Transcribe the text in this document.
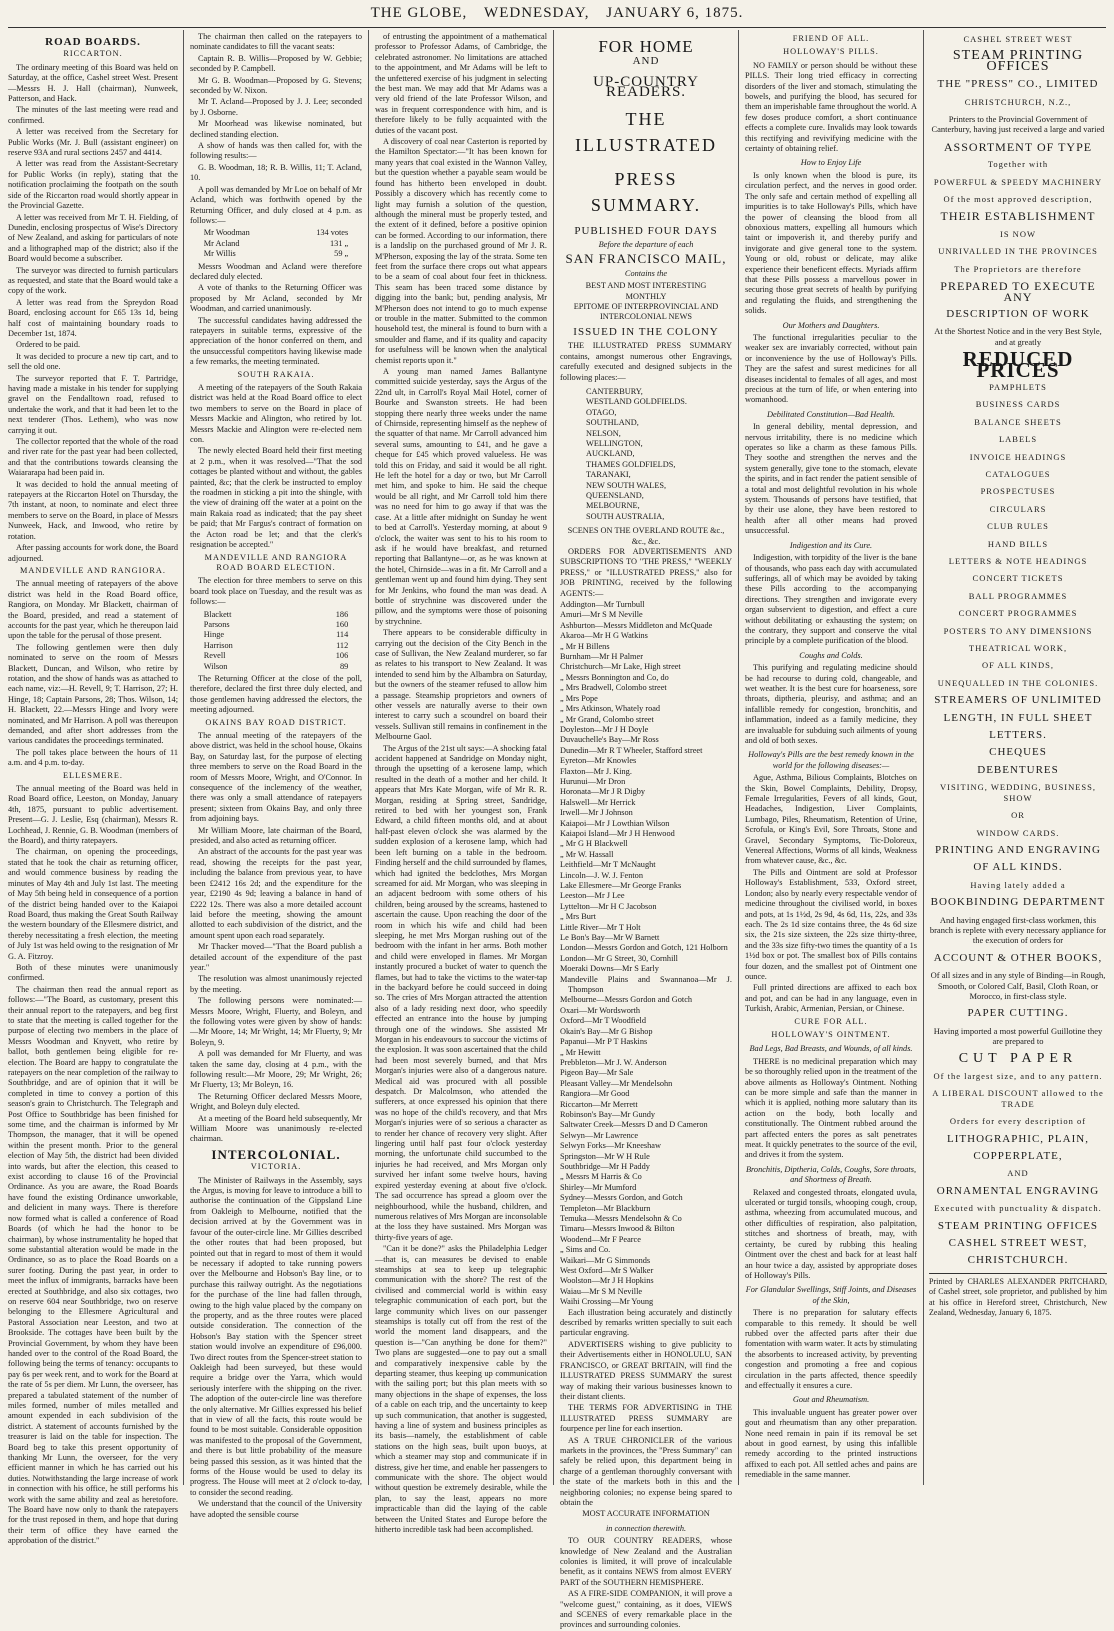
THE GLOBE, WEDNESDAY, JANUARY 6, 1875.
ROAD BOARDS.
RICCARTON.

The ordinary meeting of this Board was held on Saturday, at the office, Cashel street West. Present—Messrs H. J. Hall (chairman), Nunweek, Patterson, and Hack.

The minutes of the last meeting were read and confirmed.

A letter was received from the Secretary for Public Works (Mr. J. Bull (assistant engineer) on reserve 93A and rural sections 2457 and 4414.

A letter was read from the Assistant-Secretary for Public Works (in reply), stating that the notification proclaiming the footpath on the south side of the Riccarton road would shortly appear in the Provincial Gazette.

A letter was received from Mr T. H. Fielding, of Dunedin, enclosing prospectus of Wise's Directory of New Zealand, and asking for particulars of note and a lithographed map of the district; also if the Board would become a subscriber.

The surveyor was directed to furnish particulars as requested, and state that the Board would take a copy of the work.

A letter was read from the Spreydon Road Board, enclosing account for £65 13s 1d, being half cost of maintaining boundary roads to December 1st, 1874.

Ordered to be paid.

It was decided to procure a new tip cart, and to sell the old one.

The surveyor reported that F. T. Partridge, having made a mistake in his tender for supplying gravel on the Fendalltown road, refused to undertake the work, and that it had been let to the next tenderer (Thos. Lethem), who was now carrying it out.

The collector reported that the whole of the road and river rate for the past year had been collected, and that the contributions towards cleansing the Waiararapa had been paid in.

It was decided to hold the annual meeting of ratepayers at the Riccarton Hotel on Thursday, the 7th instant, at noon, to nominate and elect three members to serve on the Board, in place of Messrs Nunweek, Hack, and Inwood, who retire by rotation.

After passing accounts for work done, the Board adjourned.

MANDEVILLE AND RANGIORA.

The annual meeting of ratepayers of the above district was held in the Road Board office, Rangiora, on Monday. Mr Blackett, chairman of the Board, presided, and read a statement of accounts for the past year, which he thereupon laid upon the table for the perusal of those present.

The following gentlemen were then duly nominated to serve on the room of Messrs Blackett, Duncan, and Wilson, who retire by rotation, and the show of hands was as attached to each name, viz:—H. Revell, 9; T. Harrison, 27; H. Hinge, 18; Captain Parsons, 28; Thos. Wilson, 14; H. Blackett, 22.—Messrs Hinge and Ivory were nominated, and Mr Harrison. A poll was thereupon demanded, and after short addresses from the various candidates the proceedings terminated.

The poll takes place between the hours of 11 a.m. and 4 p.m. to-day.

ELLESMERE.

The annual meeting of the Board was held in Road Board office, Leeston, on Monday, January 4th, 1875, pursuant to public advertisement. Present—G. J. Leslie, Esq (chairman), Messrs R. Lochhead, J. Rennie, G. B. Woodman (members of the Board), and thirty ratepayers.

The chairman, on opening the proceedings, stated that he took the chair as returning officer, and would commence business by reading the minutes of May 4th and July 1st last. The meeting of May 5th being held in consequence of a portion of the district being handed over to the Kaiapoi Road Board, thus making the Great South Railway the western boundary of the Ellesmere district, and thereby necessitating a fresh election, the meeting of July 1st was held owing to the resignation of Mr G. A. Fitzroy.

Both of these minutes were unanimously confirmed.

The chairman then read the annual report as follows:—"The Board, as customary, present this their annual report to the ratepayers, and beg first to state that the meeting is called together for the purpose of electing two members in the place of Messrs Woodman and Knyvett, who retire by ballot, both gentlemen being eligible for re-election. The Board are happy to congratulate the ratepayers on the near completion of the railway to Southbridge, and are of opinion that it will be completed in time to convey a portion of this season's grain to Christchurch. The Telegraph and Post Office to Southbridge has been finished for some time, and the chairman is informed by Mr Thompson, the manager, that it will be opened within the present month. Prior to the general election of May 5th, the district had been divided into wards, but after the election, this ceased to exist according to clause 16 of the Provincial Ordinance. As you are aware, the Road Boards have found the existing Ordinance unworkable, and delicient in many ways. There is therefore now formed what is called a conference of Road Boards (of which he had the honor to be chairman), by whose instrumentality he hoped that some substantial alteration would be made in the Ordinance, so as to place the Road Boards on a surer footing. During the past year, in order to meet the influx of immigrants, barracks have been erected at Southbridge, and also six cottages, two on reserve 604 near Southbridge, two on reserve belonging to the Ellesmere Agricultural and Pastoral Association near Leeston, and two at Brookside. The cottages have been built by the Provincial Government, by whom they have been handed over to the control of the Road Board, the following being the terms of tenancy: occupants to pay 6s per week rent, and to work for the Board at the rate of 5s per diem. Mr Lunn, the overseer, has prepared a tabulated statement of the number of miles formed, number of miles metalled and amount expended in each subdivision of the district. A statement of accounts furnished by the treasurer is laid on the table for inspection. The Board beg to take this present opportunity of thanking Mr Lunn, the overseer, for the very efficient manner in which he has carried out his duties. Notwithstanding the large increase of work in connection with his office, he still performs his work with the same ability and zeal as heretofore. The Board have now only to thank the ratepayers for the trust reposed in them, and hope that during their term of office they have earned the approbation of the district."

The chairman then called on the ratepayers to nominate candidates to fill the vacant seats:

Captain R. B. Willis—Proposed by W. Gebbie; seconded by P. Campbell.

Mr G. B. Woodman—Proposed by G. Stevens; seconded by W. Nixon.

Mr T. Acland—Proposed by J. J. Lee; seconded by J. Osborne.

Mr Moorhead was likewise nominated, but declined standing election.

A show of hands was then called for, with the following results:—

G. B. Woodman, 18; R. B. Willis, 11; T. Acland, 10.

A poll was demanded by Mr Loe on behalf of Mr Acland, which was forthwith opened by the Returning Officer, and duly closed at 4 p.m. as follows:—

Mr Woodman	134 votes
Mr Acland	131 „
Mr Willis	59 „

Messrs Woodman and Acland were therefore declared duly elected.

A vote of thanks to the Returning Officer was proposed by Mr Acland, seconded by Mr Woodman, and carried unanimously.

The successful candidates having addressed the ratepayers in suitable terms, expressive of the appreciation of the honor conferred on them, and the unsuccessful competitors having likewise made a few remarks, the meeting terminated.

SOUTH RAKAIA.

A meeting of the ratepayers of the South Rakaia district was held at the Road Board office to elect two members to serve on the Board in place of Messrs Mackie and Alington, who retired by lot. Messrs Mackie and Alington were re-elected nem con.

The newly elected Board held their first meeting at 2 p.m., when it was resolved—"That the sod cottages be planted without and without, the gables painted, &c; that the clerk be instructed to employ the roadmen in sticking a pit into the shingle, with the view of draining off the water at a point on the main Rakaia road as indicated; that the pay sheet be paid; that Mr Fargus's contract of formation on the Acton road be let; and that the clerk's resignation be accepted."

MANDEVILLE AND RANGIORA ROAD BOARD ELECTION.

The election for three members to serve on this board took place on Tuesday, and the result was as follows:—

Blackett	186
Parsons	160
Hinge	114
Harrison	112
Revell	106
Wilson	89

The Returning Officer at the close of the poll, therefore, declared the first three duly elected, and those gentlemen having addressed the electors, the meeting adjourned.

OKAINS BAY ROAD DISTRICT.

The annual meeting of the ratepayers of the above district, was held in the school house, Okains Bay, on Saturday last, for the purpose of electing three members to serve on the Road Board in the room of Messrs Moore, Wright, and O'Connor. In consequence of the inclemency of the weather, there was only a small attendance of ratepayers present; sixteen from Okains Bay, and only three from adjoining bays.

Mr William Moore, late chairman of the Board, presided, and also acted as returning officer.

An abstract of the accounts for the past year was read, showing the receipts for the past year, including the balance from previous year, to have been £2412 16s 2d; and the expenditure for the year, £2190 4s 9d; leaving a balance in hand of £222 12s. There was also a more detailed account laid before the meeting, showing the amount allotted to each subdivision of the district, and the amount spent upon each road separately.

Mr Thacker moved—"That the Board publish a detailed account of the expenditure of the past year."

The resolution was almost unanimously rejected by the meeting.

The following persons were nominated:—Messrs Moore, Wright, Fluerty, and Boleyn, and the following votes were given by show of hands:—Mr Moore, 14; Mr Wright, 14; Mr Fluerty, 9; Mr Boleyn, 9.

A poll was demanded for Mr Fluerty, and was taken the same day, closing at 4 p.m., with the following result:—Mr Moore, 29; Mr Wright, 26; Mr Fluerty, 13; Mr Boleyn, 16.

The Returning Officer declared Messrs Moore, Wright, and Boleyn duly elected.

At a meeting of the Board held subsequently, Mr William Moore was unanimously re-elected chairman.

INTERCOLONIAL.
VICTORIA.

The Minister of Railways in the Assembly, says the Argus, is moving for leave to introduce a bill to authorise the continuation of the Gippsland Line from Oakleigh to Melbourne, notified that the decision arrived at by the Government was in favour of the outer-circle line. Mr Gillies described the other routes that had been proposed, but pointed out that in regard to most of them it would be necessary if adopted to take running powers over the Melbourne and Hobson's Bay line, or to purchase this railway outright. As the negotiations for the purchase of the line had fallen through, owing to the high value placed by the company on the property, and as the three routes were placed outside consideration. The connection of the Hobson's Bay station with the Spencer street station would involve an expenditure of £96,000. Two direct routes from the Spencer-street station to Oakleigh had been surveyed, but these would require a bridge over the Yarra, which would seriously interfere with the shipping on the river. The adoption of the outer-circle line was therefore the only alternative. Mr Gillies expressed his belief that in view of all the facts, this route would be found to be most suitable. Considerable opposition was manifested to the proposal of the Government, and there is but little probability of the measure being passed this session, as it was hinted that the forms of the House would be used to delay its progress. The House will meet at 2 o'clock to-day, to consider the second reading.

We understand that the council of the University have adopted the sensible course

of entrusting the appointment of a mathematical professor to Professor Adams, of Cambridge, the celebrated astronomer. No limitations are attached to the appointment, and Mr Adams will be left to the unfettered exercise of his judgment in selecting the best man. We may add that Mr Adams was a very old friend of the late Professor Wilson, and was in frequent correspondence with him, and is therefore likely to be fully acquainted with the duties of the vacant post.

A discovery of coal near Casterton is reported by the Hamilton Spectator:—"It has been known for many years that coal existed in the Wannon Valley, but the question whether a payable seam would be found has hitherto been enveloped in doubt. Possibly a discovery which has recently come to light may furnish a solution of the question, although the mineral must be properly tested, and the extent of it defined, before a positive opinion can be formed. According to our information, there is a landslip on the purchased ground of Mr J. R. M'Pherson, exposing the lay of the strata. Some ten feet from the surface there crops out what appears to be a seam of coal about four feet in thickness. This seam has been traced some distance by digging into the bank; but, pending analysis, Mr M'Pherson does not intend to go to much expense or trouble in the matter. Submitted to the common household test, the mineral is found to burn with a smoulder and flame, and if its quality and capacity for usefulness will be known when the analytical chemist reports upon it."

A young man named James Ballantyne committed suicide yesterday, says the Argus of the 22nd ult, in Carroll's Royal Mail Hotel, corner of Bourke and Swanston streets. He had been stopping there nearly three weeks under the name of Chirnside, representing himself as the nephew of the squatter of that name. Mr Carroll advanced him several sums, amounting to £41, and he gave a cheque for £45 which proved valueless. He was told this on Friday, and said it would be all right. He left the hotel for a day or two, but Mr Carroll met him, and spoke to him. He said the cheque would be all right, and Mr Carroll told him there was no need for him to go away if that was the case. At a little after midnight on Sunday he went to bed at Carroll's. Yesterday morning, at about 9 o'clock, the waiter was sent to his to his room to ask if he would have breakfast, and returned reporting that Ballantyne—or, as he was known at the hotel, Chirnside—was in a fit. Mr Carroll and a gentleman went up and found him dying. They sent for Mr Jenkins, who found the man was dead. A bottle of strychnine was discovered under the pillow, and the symptoms were those of poisoning by strychnine.

There appears to be considerable difficulty in carrying out the decision of the City Bench in the case of Sullivan, the New Zealand murderer, so far as relates to his transport to New Zealand. It was intended to send him by the Albambra on Saturday, but the owners of the steamer refused to allow him a passage. Steamship proprietors and owners of other vessels are naturally averse to their own interest to carry such a scoundrel on board their vessels. Sullivan still remains in confinement in the Melbourne Gaol.

The Argus of the 21st ult says:—A shocking fatal accident happened at Sandridge on Monday night, through the upsetting of a kerosene lamp, which resulted in the death of a mother and her child. It appears that Mrs Kate Morgan, wife of Mr R. R. Morgan, residing at Spring street, Sandridge, retired to bed with her youngest son, Frank Edward, a child fifteen months old, and at about half-past eleven o'clock she was alarmed by the sudden explosion of a kerosene lamp, which had been left burning on a table in the bedroom. Finding herself and the child surrounded by flames, which had ignited the bedclothes, Mrs Morgan screamed for aid. Mr Morgan, who was sleeping in an adjacent bedroom with some others of his children, being aroused by the screams, hastened to ascertain the cause. Upon reaching the door of the room in which his wife and child had been sleeping, he met Mrs Morgan rushing out of the bedroom with the infant in her arms. Both mother and child were enveloped in flames. Mr Morgan instantly procured a bucket of water to quench the flames, but had to take the victims to the water-tap in the backyard before he could succeed in doing so. The cries of Mrs Morgan attracted the attention also of a lady residing next door, who speedily effected an entrance into the house by jumping through one of the windows. She assisted Mr Morgan in his endeavours to succour the victims of the explosion. It was soon ascertained that the child had been most severely burned, and that Mrs Morgan's injuries were also of a dangerous nature. Medical aid was procured with all possible despatch. Dr Malcolmson, who attended the sufferers, at once expressed his opinion that there was no hope of the child's recovery, and that Mrs Morgan's injuries were of so serious a character as to render her chance of recovery very slight. After lingering until half past four o'clock yesterday morning, the unfortunate child succumbed to the injuries he had received, and Mrs Morgan only survived her infant some twelve hours, having expired yesterday evening at about five o'clock. The sad occurrence has spread a gloom over the neighbourhood, while the husband, children, and numerous relatives of Mrs Morgan are inconsolable at the loss they have sustained. Mrs Morgan was thirty-five years of age.

"Can it be done?" asks the Philadelphia Ledger—that is, can measures be devised to enable steamships at sea to keep up telegraphic communication with the shore? The rest of the civilised and commercial world is within easy telegraphic communication of each port, but the large community which lives on our passenger steamships is totally cut off from the rest of the world the moment land disappears, and the question is—"Can anything be done for them?" Two plans are suggested—one to pay out a small and comparatively inexpensive cable by the departing steamer, thus keeping up communication with the sailing port; but this plan meets with so many objections in the shape of expenses, the loss of a cable on each trip, and the uncertainty to keep up such communication, that another is suggested, having a line of system and business principles as its basis—namely, the establishment of cable stations on the high seas, built upon buoys, at which a steamer may stop and communicate if in distress, give her time, and enable her passengers to communicate with the shore. The object would without question be extremely desirable, while the plan, to say the least, appears no more impracticable than did the laying of the cable between the United States and Europe before the hitherto incredible task had been accomplished.

FOR HOME
AND
UP-COUNTRY READERS.
THE ILLUSTRATED
PRESS SUMMARY.
PUBLISHED FOUR DAYS
Before the departure of each
SAN FRANCISCO MAIL,
Contains the
BEST AND MOST INTERESTING
MONTHLY
EPITOME OF INTERPROVINCIAL AND
INTERCOLONIAL NEWS
ISSUED IN THE COLONY

THE ILLUSTRATED PRESS SUMMARY contains, amongst numerous other Engravings, carefully executed and designed subjects in the following places:—

CANTERBURY,
WESTLAND GOLDFIELDS.
OTAGO,
SOUTHLAND,
NELSON,
WELLINGTON,
AUCKLAND,
THAMES GOLDFIELDS,
TARANAKI,
NEW SOUTH WALES,
QUEENSLAND,
MELBOURNE,
SOUTH AUSTRALIA,
SCENES ON THE OVERLAND ROUTE &c., &c., &c.

ORDERS FOR ADVERTISEMENTS AND SUBSCRIPTIONS TO "THE PRESS," "WEEKLY PRESS," or "ILLUSTRATED PRESS," also for JOB PRINTING, received by the following AGENTS:—

Addington—Mr Turnbull
Amuri—Mr S M Neville
Ashburton—Messrs Middleton and McQuade
Akaroa—Mr H G Watkins
„ Mr H Billens
Burnham—Mr H Palmer
Christchurch—Mr Lake, High street
„ Messrs Bonnington and Co, do
„ Mrs Bradwell, Colombo street
„ Mrs Pope
„ Mrs Atkinson, Whately road
„ Mr Grand, Colombo street
Doyleston—Mr J H Doyle
Duvauchelle's Bay—Mr Ross
Dunedin—Mr R T Wheeler, Stafford street
Eyreton—Mr Knowles
Flaxton—Mr J. King.
Hurunui—Mr Dron
Horonata—Mr J R Digby
Halswell—Mr Herrick
Irwell—Mr J Johnson
Kaiapoi—Mr J Lowthian Wilson
Kaiapoi Island—Mr J H Henwood
„ Mr G H Blackwell
„ Mr W. Hassall
Leithfield—Mr T McNaught
Lincoln—J. W. J. Fenton
Lake Ellesmere—Mr George Franks
Leeston—Mr J Lee
Lyttelton—Mr H C Jacobson
„ Mrs Burt
Little River—Mr T Holt
Le Bon's Bay—Mr W Barnett
London—Messrs Gordon and Gotch, 121 Holborn
London—Mr G Street, 30, Cornhill
Moeraki Downs—Mr S Early
Mandeville Plains and Swannanoa—Mr J. Thompson
Melbourne—Messrs Gordon and Gotch
Oxari—Mr Wordsworth
Oxford—Mr T Woodfield
Okain's Bay—Mr G Bishop
Papanui—Mr P T Haskins
„ Mr Hewitt
Prebbleton—Mr J. W. Anderson
Pigeon Bay—Mr Sale
Pleasant Valley—Mr Mendelsohn
Rangiora—Mr Good
Riccarton—Mr Merrett
Robinson's Bay—Mr Gundy
Saltwater Creek—Messrs D and D Cameron
Selwyn—Mr Lawrence
Selwyn Forks—Mr Kneeshaw
Springston—Mr W H Rule
Southbridge—Mr H Paddy
„ Messrs M Harris & Co
Shirley—Mr Mumford
Sydney—Messrs Gordon, and Gotch
Templeton—Mr Blackburn
Temuka—Messrs Mendelsohn & Co
Timaru—Messrs Inwood & Bilton
Woodend—Mr F Pearce
„ Sims and Co.
Waikari—Mr G Simmonds
West Oxford—Mr S Walker
Woolston—Mr J H Hopkins
Waiau—Mr S M Neville
Waihi Crossing—Mr Young

Each illustration being accurately and distinctly described by remarks written specially to suit each particular engraving.

ADVERTISERS wishing to give publicity to their Advertisements either in HONOLULU, SAN FRANCISCO, or GREAT BRITAIN, will find the ILLUSTRATED PRESS SUMMARY the surest way of making their various businesses known to their distant clients.

THE TERMS FOR ADVERTISING in THE ILLUSTRATED PRESS SUMMARY are fourpence per line for each insertion.

AS A TRUE CHRONICLER of the various markets in the provinces, the "Press Summary" can safely be relied upon, this department being in charge of a gentleman thoroughly conversant with the state of the markets both in this and the neighboring colonies; no expense being spared to obtain the

MOST ACCURATE INFORMATION
in connection therewith.

TO OUR COUNTRY READERS, whose knowledge of New Zealand and the Australian colonies is limited, it will prove of incalculable benefit, as it contains NEWS from almost EVERY PART of the SOUTHERN HEMISPHERE.

AS A FIRE-SIDE COMPANION, it will prove a "welcome guest," containing, as it does, VIEWS and SCENES of every remarkable place in the provinces and surrounding colonies.

FRIEND OF ALL.
HOLLOWAY'S PILLS.

NO FAMILY or person should be without these PILLS. Their long tried efficacy in correcting disorders of the liver and stomach, stimulating the bowels, and purifying the blood, has secured for them an imperishable fame throughout the world. A few doses produce comfort, a short continuance effects a complete cure. Invalids may look towards this rectifying and revivifying medicine with the certainty of obtaining relief.

How to Enjoy Life

Is only known when the blood is pure, its circulation perfect, and the nerves in good order. The only safe and certain method of expelling all impurities is to take Holloway's Pills, which have the power of cleansing the blood from all obnoxious matters, expelling all humours which taint or impoverish it, and thereby purify and invigorate and give general tone to the system. Young or old, robust or delicate, may alike experience their beneficent effects. Myriads affirm that these Pills possess a marvellous power in securing those great secrets of health by purifying and regulating the fluids, and strengthening the solids.

Our Mothers and Daughters.

The functional irregularities peculiar to the weaker sex are invariably corrected, without pain or inconvenience by the use of Holloway's Pills. They are the safest and surest medicines for all diseases incidental to females of all ages, and most precious at the turn of life, or when entering into womanhood.

Debilitated Constitution—Bad Health.

In general debility, mental depression, and nervous irritability, there is no medicine which operates so like a charm as these famous Pills. They soothe and strengthen the nerves and the system generally, give tone to the stomach, elevate the spirits, and in fact render the patient sensible of a total and most delightful revolution in his whole system. Thousands of persons have testified, that by their use alone, they have been restored to health after all other means had proved unsuccessful.

Indigestion and its Cure.

Indigestion, with torpidity of the liver is the bane of thousands, who pass each day with accumulated sufferings, all of which may be avoided by taking these Pills according to the accompanying directions. They strengthen and invigorate every organ subservient to digestion, and effect a cure without debilitating or exhausting the system; on the contrary, they support and conserve the vital principle by a complete purification of the blood.

Coughs and Colds.

This purifying and regulating medicine should be had recourse to during cold, changeable, and wet weather. It is the best cure for hoarseness, sore throats, diptheria, pleurisy, and asthma; and an infallible remedy for congestion, bronchitis, and inflammation, indeed as a family medicine, they are invaluable for subduing such ailments of young and old of both sexes.

Holloway's Pills are the best remedy known in the world for the following diseases:—

Ague, Asthma, Bilious Complaints, Blotches on the Skin, Bowel Complaints, Debility, Dropsy, Female Irregularities, Fevers of all kinds, Gout, Headaches, Indigestion, Liver Complaints, Lumbago, Piles, Rheumatism, Retention of Urine, Scrofula, or King's Evil, Sore Throats, Stone and Gravel, Secondary Symptoms, Tic-Doloreux, Venereal Affections, Worms of all kinds, Weakness from whatever cause, &c., &c.

The Pills and Ointment are sold at Professor Holloway's Establishment, 533, Oxford street, London; also by nearly every respectable vendor of medicine throughout the civilised world, in boxes and pots, at 1s 1½d, 2s 9d, 4s 6d, 11s, 22s, and 33s each. The 2s 1d size contains three, the 4s 6d size six, the 21s size sixteen, the 22s size thirty-three, and the 33s size fifty-two times the quantity of a 1s 1½d box or pot. The smallest box of Pills contains four dozen, and the smallest pot of Ointment one ounce.

Full printed directions are affixed to each box and pot, and can be had in any language, even in Turkish, Arabic, Armenian, Persian, or Chinese.

CURE FOR ALL.
HOLLOWAY'S OINTMENT.
Bad Legs, Bad Breasts, and Wounds, of all kinds.

THERE is no medicinal preparation which may be so thoroughly relied upon in the treatment of the above ailments as Holloway's Ointment. Nothing can be more simple and safe than the manner in which it is applied, nothing more salutary than its action on the body, both locally and constitutionally. The Ointment rubbed around the part affected enters the pores as salt penetrates meat. It quickly penetrates to the source of the evil, and drives it from the system.

Bronchitis, Diptheria, Colds, Coughs, Sore throats, and Shortness of Breath.

Relaxed and congested throats, elongated uvula, ulcerated or turgid tonsils, whooping cough, croup, asthma, wheezing from accumulated mucous, and other difficulties of respiration, also palpitation, stitches and shortness of breath, may, with certainty, be cured by rubbing this healing Ointment over the chest and back for at least half an hour twice a day, assisted by appropriate doses of Holloway's Pills.

For Glandular Swellings, Stiff Joints, and Diseases of the Skin,

There is no preparation for salutary effects comparable to this remedy. It should be well rubbed over the affected parts after their due fomentation with warm water. It acts by stimulating the absorbents to increased activity, by preventing congestion and promoting a free and copious circulation in the parts affected, thence speedily and effectually it ensures a cure.

Gout and Rheumatism.

This invaluable unguent has greater power over gout and rheumatism than any other preparation. None need remain in pain if its removal be set about in good earnest, by using this infallible remedy according to the printed instructions affixed to each pot. All settled aches and pains are remediable in the same manner.

CASHEL STREET WEST
STEAM PRINTING OFFICES
THE "PRESS" CO., LIMITED
CHRISTCHURCH, N.Z.,
Printers to the Provincial Government of Canterbury, having just received a large and varied
ASSORTMENT OF TYPE
Together with
POWERFUL & SPEEDY MACHINERY
Of the most approved description,
THEIR ESTABLISHMENT
IS NOW
UNRIVALLED IN THE PROVINCES
The Proprietors are therefore
PREPARED TO EXECUTE ANY
DESCRIPTION OF WORK
At the Shortest Notice and in the very Best Style, and at greatly
REDUCED PRICES
PAMPHLETS
BUSINESS CARDS
BALANCE SHEETS
LABELS
INVOICE HEADINGS
CATALOGUES
PROSPECTUSES
CIRCULARS
CLUB RULES
HAND BILLS
LETTERS & NOTE HEADINGS
CONCERT TICKETS
BALL PROGRAMMES
CONCERT PROGRAMMES
POSTERS TO ANY DIMENSIONS
THEATRICAL WORK,
OF ALL KINDS,
UNEQUALLED IN THE COLONIES.
STREAMERS OF UNLIMITED
LENGTH, IN FULL SHEET
LETTERS.
CHEQUES
DEBENTURES
VISITING, WEDDING, BUSINESS, SHOW
OR
WINDOW CARDS.
PRINTING AND ENGRAVING
OF ALL KINDS.
Having lately added a
BOOKBINDING DEPARTMENT
And having engaged first-class workmen, this branch is replete with every necessary appliance for the execution of orders for
ACCOUNT & OTHER BOOKS,
Of all sizes and in any style of Binding—in Rough, Smooth, or Colored Calf, Basil, Cloth Roan, or Morocco, in first-class style.
PAPER CUTTING.
Having imported a most powerful Guillotine they are prepared to
CUT PAPER
Of the largest size, and to any pattern.
A LIBERAL DISCOUNT allowed to the TRADE
Orders for every description of
LITHOGRAPHIC, PLAIN,
COPPERPLATE,
AND
ORNAMENTAL ENGRAVING
Executed with punctuality & dispatch.
STEAM PRINTING OFFICES
CASHEL STREET WEST,
CHRISTCHURCH.
Printed by CHARLES ALEXANDER PRITCHARD, of Cashel street, sole proprietor, and published by him at his office in Hereford street, Christchurch, New Zealand, Wednesday, January 6, 1875.
